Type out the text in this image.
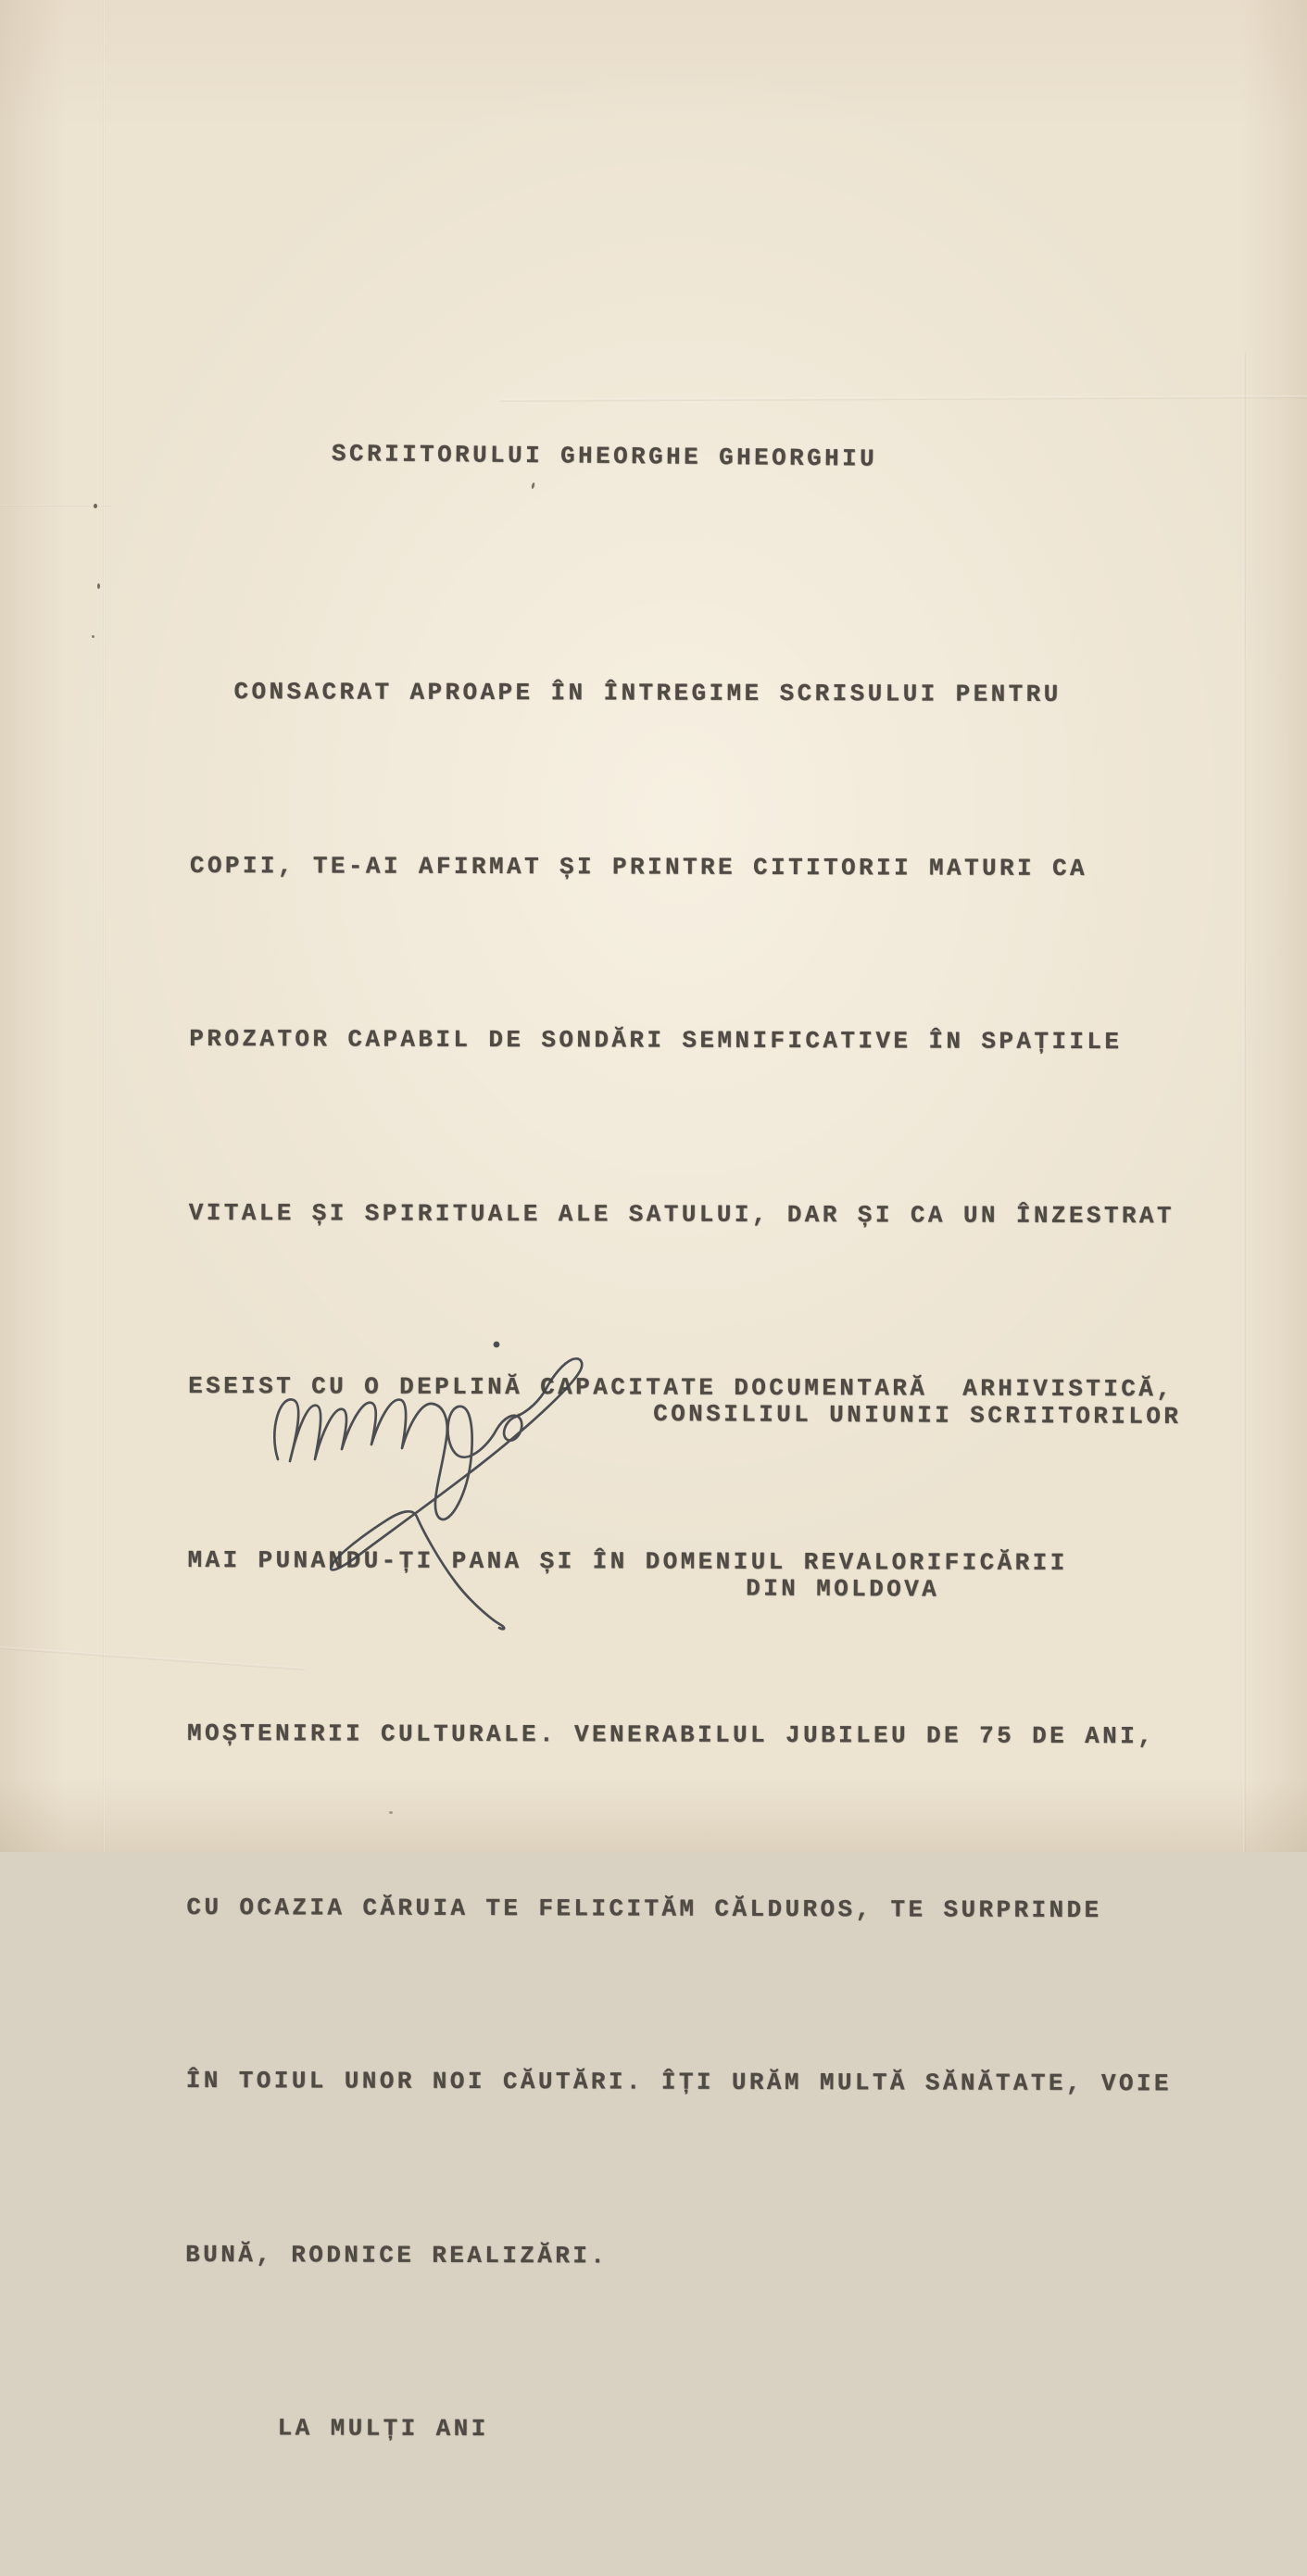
SCRIITORULUI GHEORGHE GHEORGHIU

CONSACRAT APROAPE ÎN ÎNTREGIME SCRISULUI PENTRU

COPII, TE-AI AFIRMAT ȘI PRINTRE CITITORII MATURI CA

PROZATOR CAPABIL DE SONDĂRI SEMNIFICATIVE ÎN SPAȚIILE

VITALE ȘI SPIRITUALE ALE SATULUI, DAR ȘI CA UN ÎNZESTRAT

ESEIST CU O DEPLINĂ CAPACITATE DOCUMENTARĂ  ARHIVISTICĂ,

MAI PUNANDU-ȚI PANA ȘI ÎN DOMENIUL REVALORIFICĂRII

MOȘTENIRII CULTURALE. VENERABILUL JUBILEU DE 75 DE ANI,

CU OCAZIA CĂRUIA TE FELICITĂM CĂLDUROS, TE SURPRINDE

ÎN TOIUL UNOR NOI CĂUTĂRI. ÎȚI URĂM MULTĂ SĂNĂTATE, VOIE

BUNĂ, RODNICE REALIZĂRI.

LA MULȚI ANI

CONSILIUL UNIUNII SCRIITORILOR

DIN MOLDOVA
